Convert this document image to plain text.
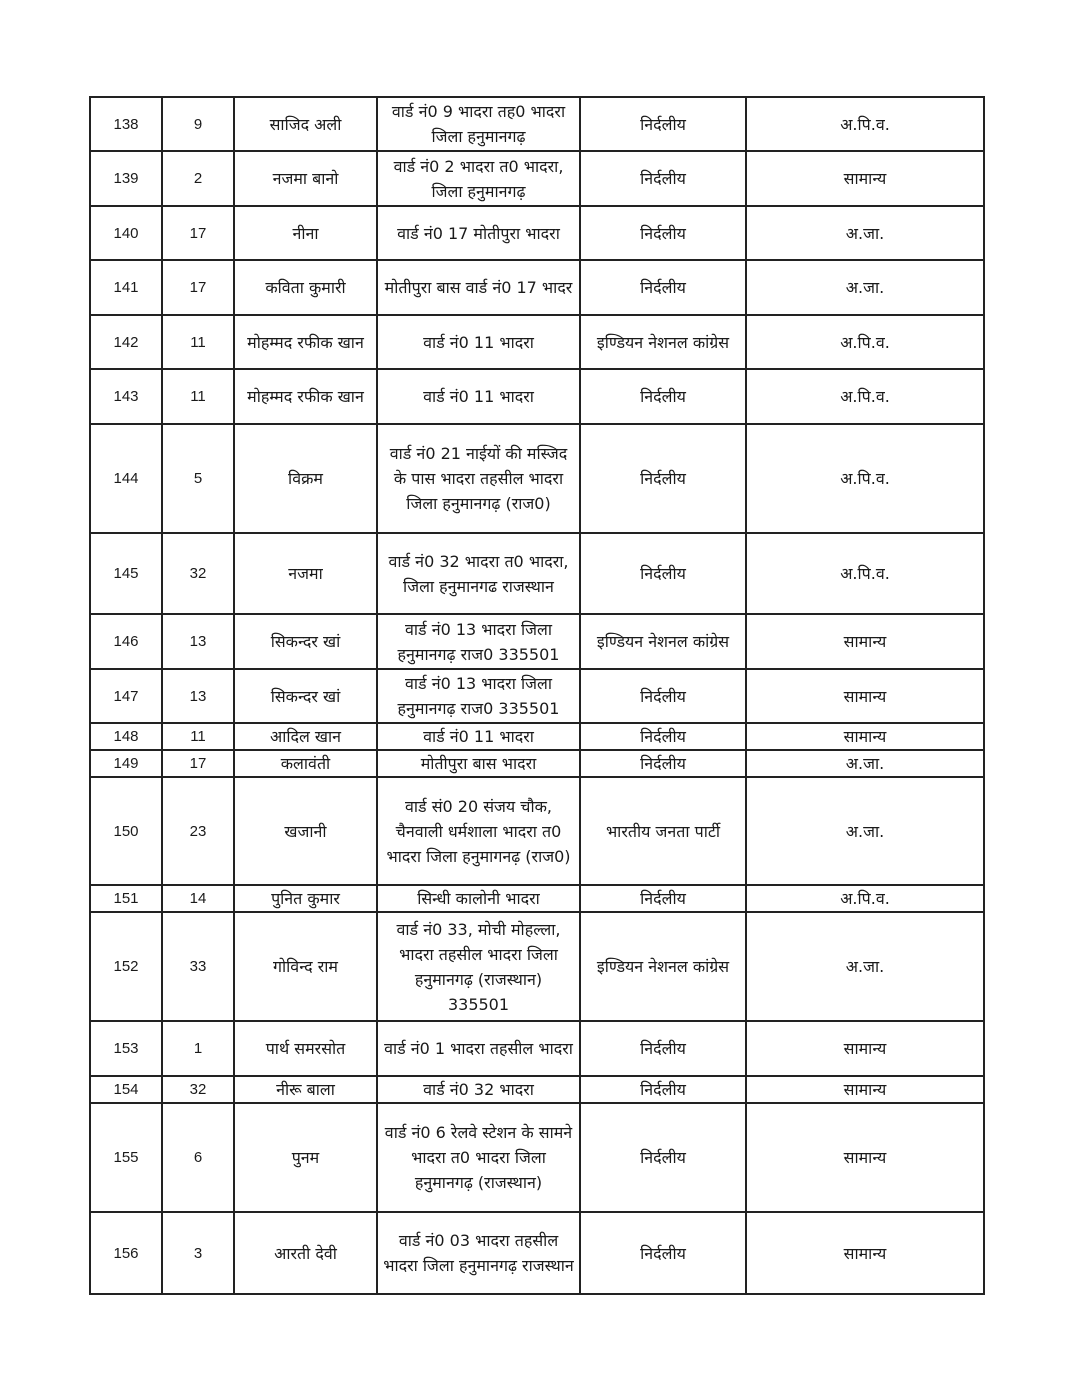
138	9	साजिद अली	वार्ड नं0 9 भादरा तह0 भादरा जिला हनुमानगढ़	निर्दलीय	अ.पि.व.
139	2	नजमा बानो	वार्ड नं0 2 भादरा त0 भादरा, जिला हनुमानगढ़	निर्दलीय	सामान्य
140	17	नीना	वार्ड नं0 17 मोतीपुरा भादरा	निर्दलीय	अ.जा.
141	17	कविता कुमारी	मोतीपुरा बास वार्ड नं0 17 भादर	निर्दलीय	अ.जा.
142	11	मोहम्मद रफीक खान	वार्ड नं0 11 भादरा	इण्डियन नेशनल कांग्रेस	अ.पि.व.
143	11	मोहम्मद रफीक खान	वार्ड नं0 11 भादरा	निर्दलीय	अ.पि.व.
144	5	विक्रम	वार्ड नं0 21 नाईयों की मस्जिद के पास भादरा तहसील भादरा जिला हनुमानगढ़ (राज0)	निर्दलीय	अ.पि.व.
145	32	नजमा	वार्ड नं0 32 भादरा त0 भादरा, जिला हनुमानगढ राजस्थान	निर्दलीय	अ.पि.व.
146	13	सिकन्दर खां	वार्ड नं0 13 भादरा जिला हनुमानगढ़ राज0 335501	इण्डियन नेशनल कांग्रेस	सामान्य
147	13	सिकन्दर खां	वार्ड नं0 13 भादरा जिला हनुमानगढ़ राज0 335501	निर्दलीय	सामान्य
148	11	आदिल खान	वार्ड नं0 11 भादरा	निर्दलीय	सामान्य
149	17	कलावंती	मोतीपुरा बास भादरा	निर्दलीय	अ.जा.
150	23	खजानी	वार्ड सं0 20 संजय चौक, चैनवाली धर्मशाला भादरा त0 भादरा जिला हनुमागनढ़ (राज0)	भारतीय जनता पार्टी	अ.जा.
151	14	पुनित कुमार	सिन्धी कालोनी भादरा	निर्दलीय	अ.पि.व.
152	33	गोविन्द राम	वार्ड नं0 33, मोची मोहल्ला, भादरा तहसील भादरा जिला हनुमानगढ़ (राजस्थान) 335501	इण्डियन नेशनल कांग्रेस	अ.जा.
153	1	पार्थ समरसोत	वार्ड नं0 1 भादरा तहसील भादरा	निर्दलीय	सामान्य
154	32	नीरू बाला	वार्ड नं0 32 भादरा	निर्दलीय	सामान्य
155	6	पुनम	वार्ड नं0 6 रेलवे स्टेशन के सामने भादरा त0 भादरा जिला हनुमानगढ़ (राजस्थान)	निर्दलीय	सामान्य
156	3	आरती देवी	वार्ड नं0 03 भादरा तहसील भादरा जिला हनुमानगढ़ राजस्थान	निर्दलीय	सामान्य
